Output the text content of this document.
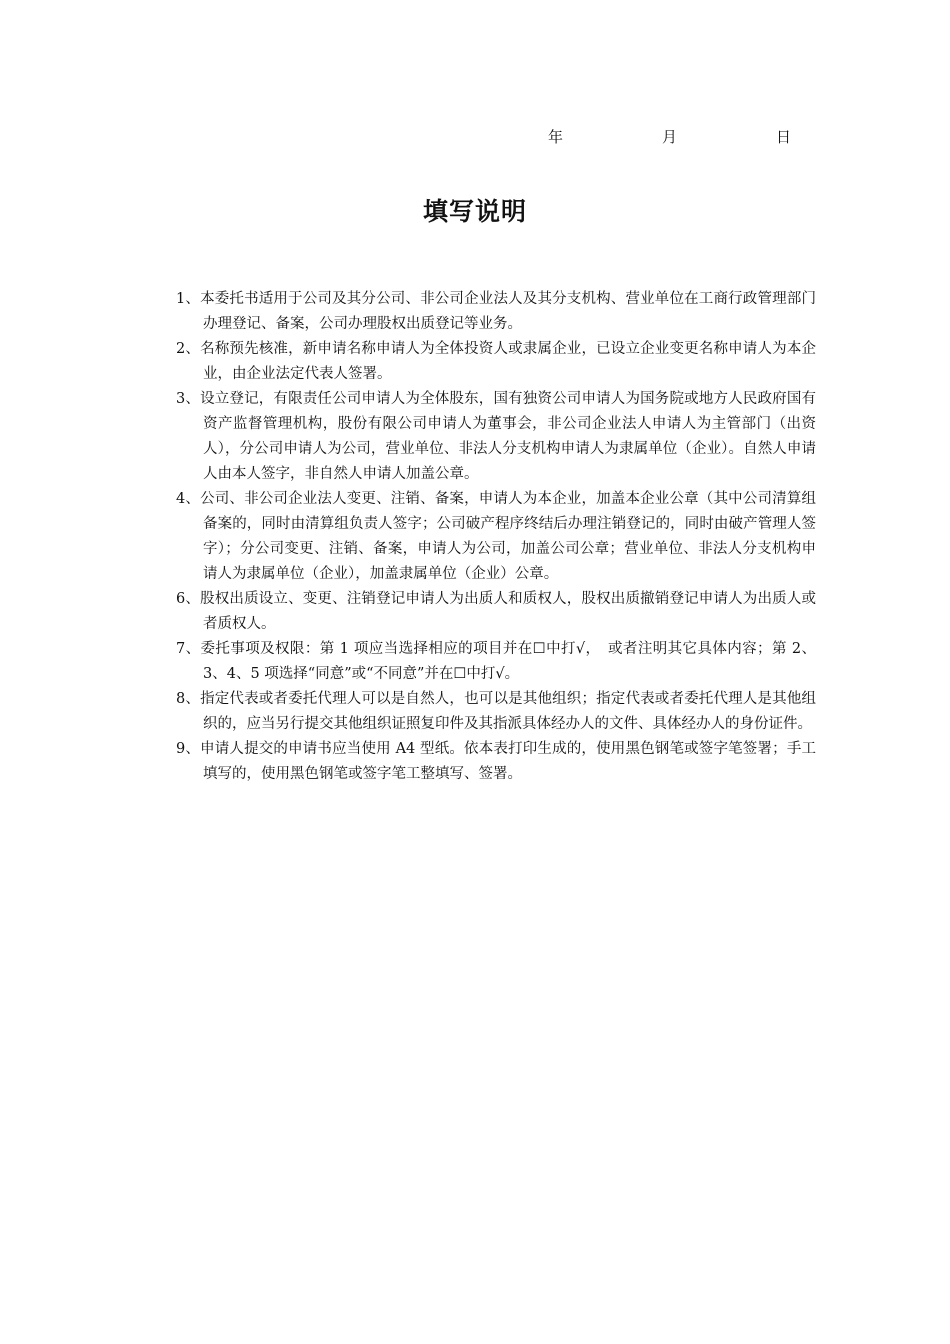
年	月	日
填写说明
1、本委托书适用于公司及其分公司、非公司企业法人及其分支机构、营业单位在工商行政管理部门办理登记、备案，公司办理股权出质登记等业务。
2、名称预先核准，新申请名称申请人为全体投资人或隶属企业，已设立企业变更名称申请人为本企业，由企业法定代表人签署。
3、设立登记，有限责任公司申请人为全体股东，国有独资公司申请人为国务院或地方人民政府国有资产监督管理机构，股份有限公司申请人为董事会，非公司企业法人申请人为主管部门（出资人），分公司申请人为公司，营业单位、非法人分支机构申请人为隶属单位（企业）。自然人申请人由本人签字，非自然人申请人加盖公章。
4、公司、非公司企业法人变更、注销、备案，申请人为本企业，加盖本企业公章（其中公司清算组备案的，同时由清算组负责人签字；公司破产程序终结后办理注销登记的，同时由破产管理人签字）；分公司变更、注销、备案，申请人为公司，加盖公司公章；营业单位、非法人分支机构申请人为隶属单位（企业），加盖隶属单位（企业）公章。
6、股权出质设立、变更、注销登记申请人为出质人和质权人，股权出质撤销登记申请人为出质人或者质权人。
7、委托事项及权限：第 1 项应当选择相应的项目并在☐中打√，　或者注明其它具体内容；第 2、3、4、5 项选择“同意”或“不同意”并在☐中打√。
8、指定代表或者委托代理人可以是自然人，也可以是其他组织；指定代表或者委托代理人是其他组织的，应当另行提交其他组织证照复印件及其指派具体经办人的文件、具体经办人的身份证件。
9、申请人提交的申请书应当使用 A4 型纸。依本表打印生成的，使用黑色钢笔或签字笔签署；手工填写的，使用黑色钢笔或签字笔工整填写、签署。
